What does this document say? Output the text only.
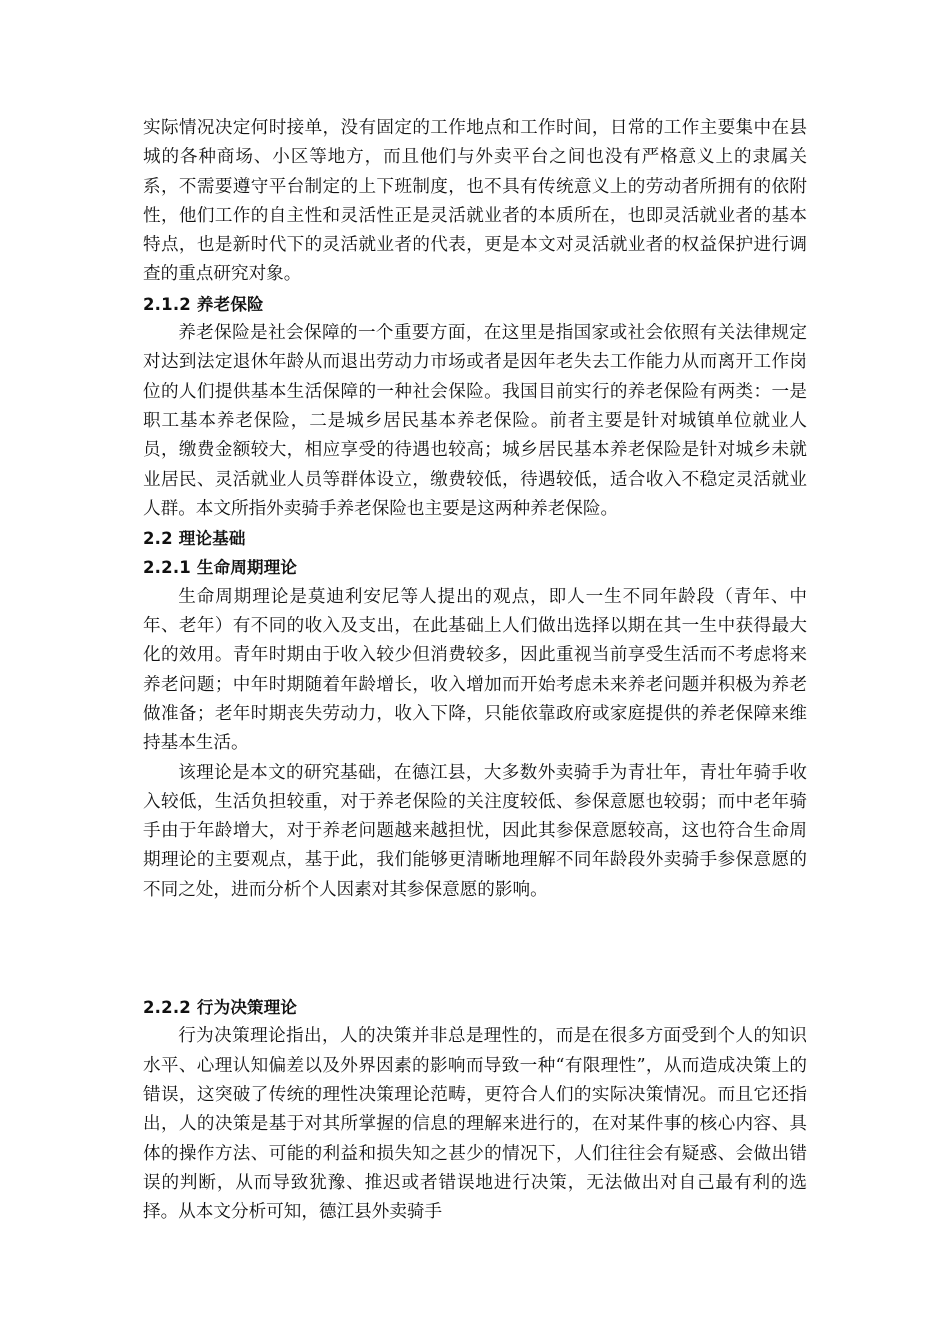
实际情况决定何时接单，没有固定的工作地点和工作时间，日常的工作主要集中在县城的各种商场、小区等地方，而且他们与外卖平台之间也没有严格意义上的隶属关系，不需要遵守平台制定的上下班制度，也不具有传统意义上的劳动者所拥有的依附性，他们工作的自主性和灵活性正是灵活就业者的本质所在，也即灵活就业者的基本特点，也是新时代下的灵活就业者的代表，更是本文对灵活就业者的权益保护进行调查的重点研究对象。

2.1.2 养老保险

养老保险是社会保障的一个重要方面，在这里是指国家或社会依照有关法律规定对达到法定退休年龄从而退出劳动力市场或者是因年老失去工作能力从而离开工作岗位的人们提供基本生活保障的一种社会保险。我国目前实行的养老保险有两类：一是职工基本养老保险，二是城乡居民基本养老保险。前者主要是针对城镇单位就业人员，缴费金额较大，相应享受的待遇也较高；城乡居民基本养老保险是针对城乡未就业居民、灵活就业人员等群体设立，缴费较低，待遇较低，适合收入不稳定灵活就业人群。本文所指外卖骑手养老保险也主要是这两种养老保险。

2.2 理论基础
2.2.1 生命周期理论

生命周期理论是莫迪利安尼等人提出的观点，即人一生不同年龄段（青年、中年、老年）有不同的收入及支出，在此基础上人们做出选择以期在其一生中获得最大化的效用。青年时期由于收入较少但消费较多，因此重视当前享受生活而不考虑将来养老问题；中年时期随着年龄增长，收入增加而开始考虑未来养老问题并积极为养老做准备；老年时期丧失劳动力，收入下降，只能依靠政府或家庭提供的养老保障来维持基本生活。

该理论是本文的研究基础，在德江县，大多数外卖骑手为青壮年，青壮年骑手收入较低，生活负担较重，对于养老保险的关注度较低、参保意愿也较弱；而中老年骑手由于年龄增大，对于养老问题越来越担忧，因此其参保意愿较高，这也符合生命周期理论的主要观点，基于此，我们能够更清晰地理解不同年龄段外卖骑手参保意愿的不同之处，进而分析个人因素对其参保意愿的影响。

2.2.2 行为决策理论

行为决策理论指出，人的决策并非总是理性的，而是在很多方面受到个人的知识水平、心理认知偏差以及外界因素的影响而导致一种“有限理性”，从而造成决策上的错误，这突破了传统的理性决策理论范畴，更符合人们的实际决策情况。而且它还指出，人的决策是基于对其所掌握的信息的理解来进行的，在对某件事的核心内容、具体的操作方法、可能的利益和损失知之甚少的情况下，人们往往会有疑惑、会做出错误的判断，从而导致犹豫、推迟或者错误地进行决策，无法做出对自己最有利的选择。从本文分析可知，德江县外卖骑手
